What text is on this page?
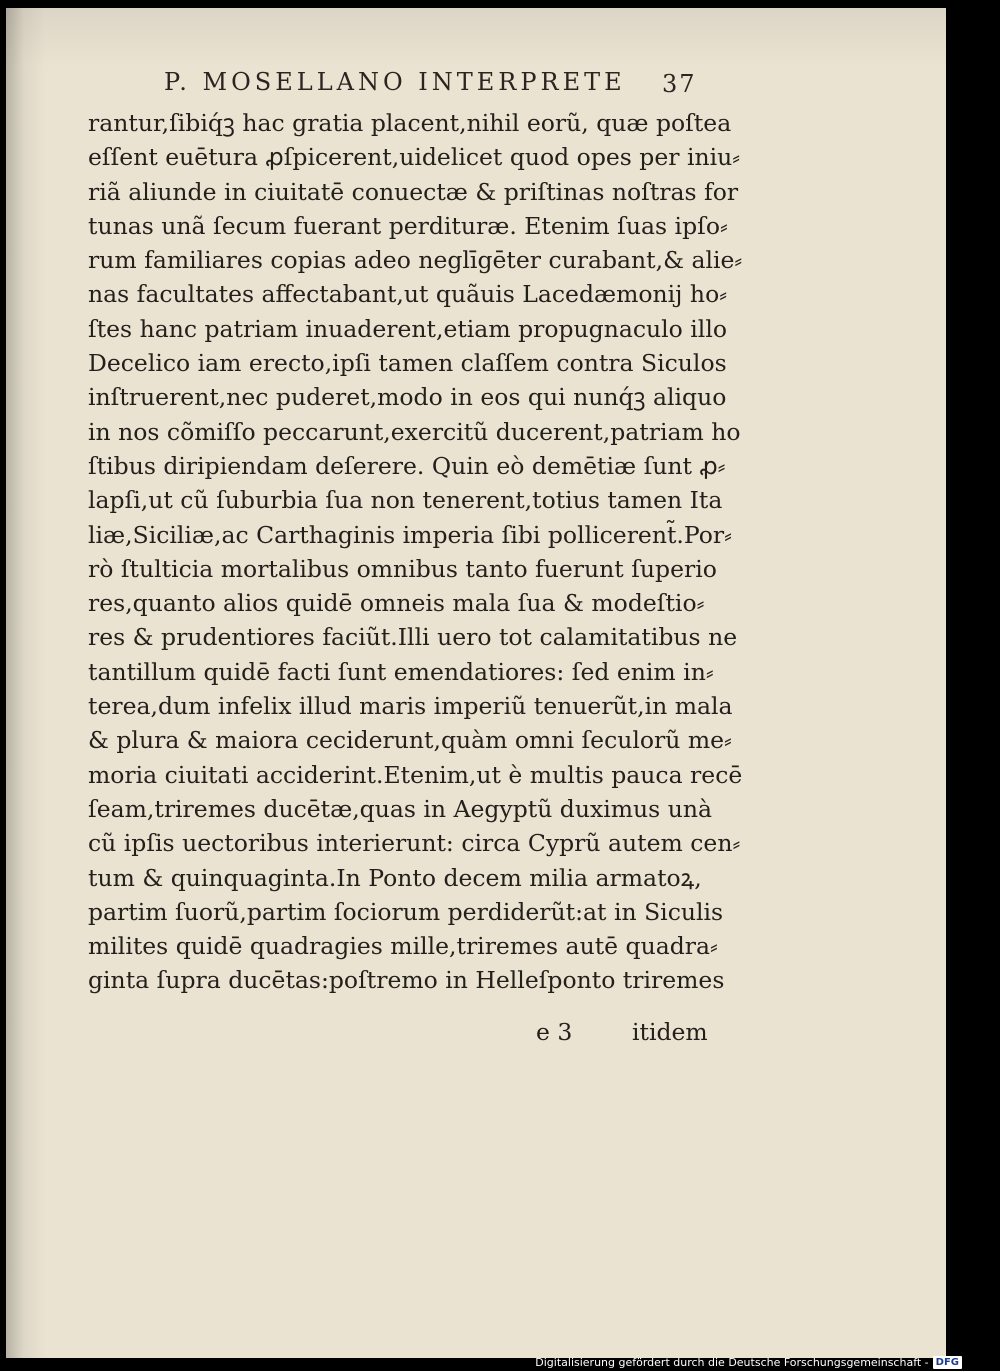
P. MOSELLANO INTERPRETE 37
rantur,ſibiq́ꝫ hac gratia placent,nihil eorũ, quæ poſtea
eſſent euētura ꝓſpicerent,uidelicet quod opes per iniu⸗
riã aliunde in ciuitatē conuectæ & priſtinas noſtras for
tunas unã ſecum fuerant perdituræ. Etenim ſuas ipſo⸗
rum familiares copias adeo neglīgēter curabant,& alie⸗
nas facultates affectabant,ut quãuis Lacedæmonij ho⸗
ſtes hanc patriam inuaderent,etiam propugnaculo illo
Decelico iam erecto,ipſi tamen claſſem contra Siculos
inſtruerent,nec puderet,modo in eos qui nunq́ꝫ aliquo
in nos cõmiſſo peccarunt,exercitũ ducerent,patriam ho
ſtibus diripiendam deſerere. Quin eò demētiæ ſunt ꝓ⸗
lapſi,ut cũ ſuburbia ſua non tenerent,totius tamen Ita
liæ,Siciliæ,ac Carthaginis imperia ſibi pollicerent̃.Por⸗
rò ſtulticia mortalibus omnibus tanto fuerunt ſuperio
res,quanto alios quidē omneis mala ſua & modeſtio⸗
res & prudentiores faciũt.Illi uero tot calamitatibus ne
tantillum quidē facti ſunt emendatiores: ſed enim in⸗
terea,dum infelix illud maris imperiũ tenuerũt,in mala
& plura & maiora ceciderunt,quàm omni ſeculorũ me⸗
moria ciuitati acciderint.Etenim,ut è multis pauca recē
ſeam,triremes ducētæ,quas in Aegyptũ duximus unà
cũ ipſis uectoribus interierunt: circa Cyprũ autem cen⸗
tum & quinquaginta.In Ponto decem milia armatoꝝ,
partim ſuorũ,partim ſociorum perdiderũt:at in Siculis
milites quidē quadragies mille,triremes autē quadra⸗
ginta ſupra ducētas:poſtremo in Helleſponto triremes
e 3	itidem
Digitalisierung gefördert durch die Deutsche Forschungsgemeinschaft - DFG
